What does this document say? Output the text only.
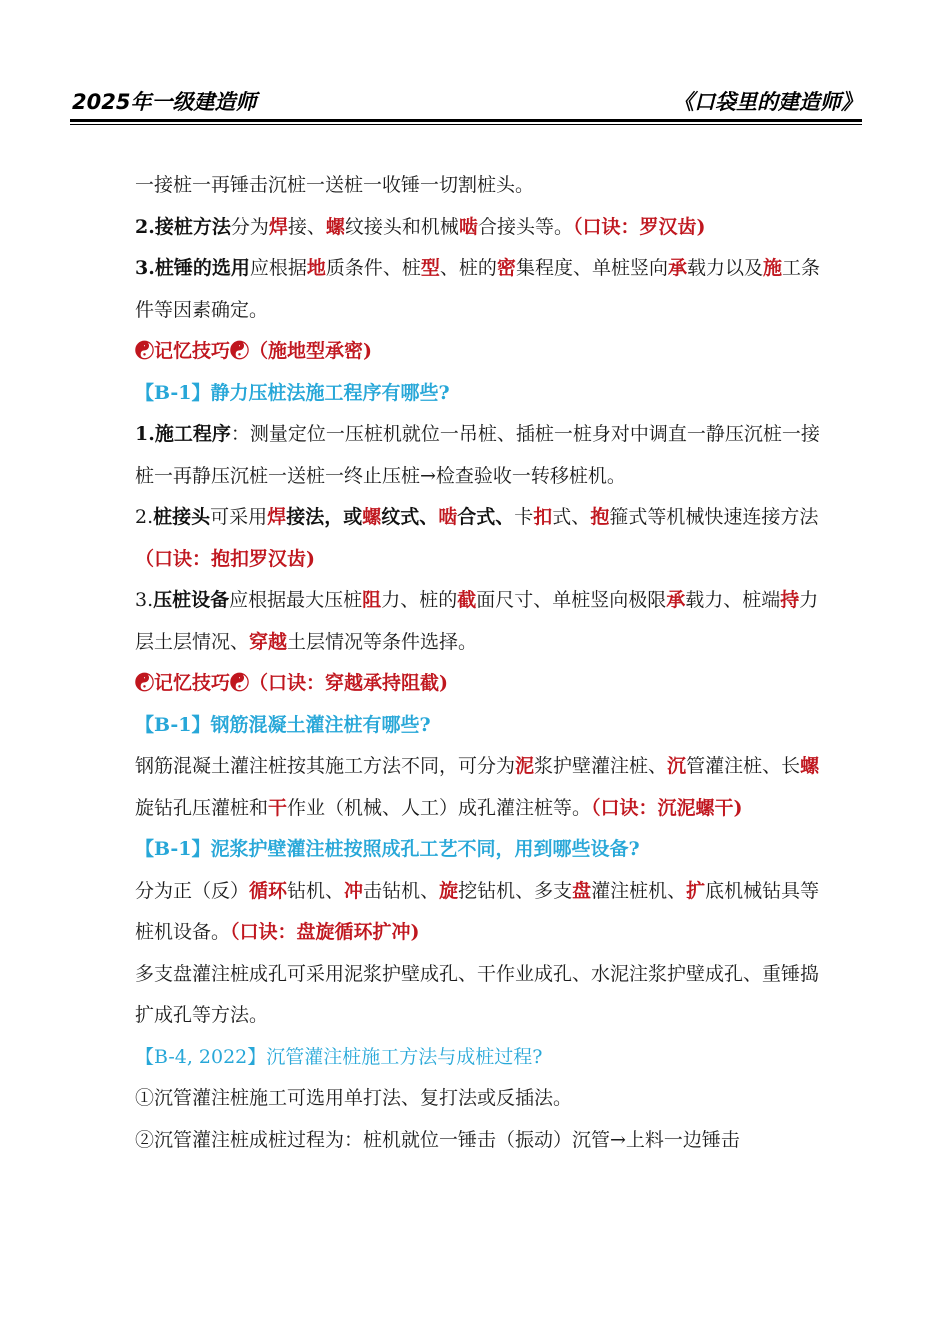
2025年一级建造师	《口袋里的建造师》

一接桩一再锤击沉桩一送桩一收锤一切割桩头。

2.接桩方法分为焊接、螺纹接头和机械啮合接头等。（口诀：罗汉齿)

3.桩锤的选用应根据地质条件、桩型、桩的密集程度、单桩竖向承载力以及施工条件等因素确定。

☯记忆技巧☯（施地型承密)

【B-1】静力压桩法施工程序有哪些?

1.施工程序：测量定位一压桩机就位一吊桩、插桩一桩身对中调直一静压沉桩一接桩一再静压沉桩一送桩一终止压桩→检查验收一转移桩机。

2.桩接头可采用焊接法，或螺纹式、啮合式、卡扣式、抱箍式等机械快速连接方法（口诀：抱扣罗汉齿)

3.压桩设备应根据最大压桩阻力、桩的截面尺寸、单桩竖向极限承载力、桩端持力层土层情况、穿越土层情况等条件选择。

☯记忆技巧☯（口诀：穿越承持阻截)

【B-1】钢筋混凝土灌注桩有哪些?

钢筋混凝土灌注桩按其施工方法不同，可分为泥浆护壁灌注桩、沉管灌注桩、长螺旋钻孔压灌桩和干作业（机械、人工）成孔灌注桩等。（口诀：沉泥螺干)

【B-1】泥浆护壁灌注桩按照成孔工艺不同，用到哪些设备?

分为正（反）循环钻机、冲击钻机、旋挖钻机、多支盘灌注桩机、扩底机械钻具等桩机设备。（口诀：盘旋循环扩冲)

多支盘灌注桩成孔可采用泥浆护壁成孔、干作业成孔、水泥注浆护壁成孔、重锤捣扩成孔等方法。

【B-4, 2022】沉管灌注桩施工方法与成桩过程?

①沉管灌注桩施工可选用单打法、复打法或反插法。

②沉管灌注桩成桩过程为：桩机就位一锤击（振动）沉管→上料一边锤击
